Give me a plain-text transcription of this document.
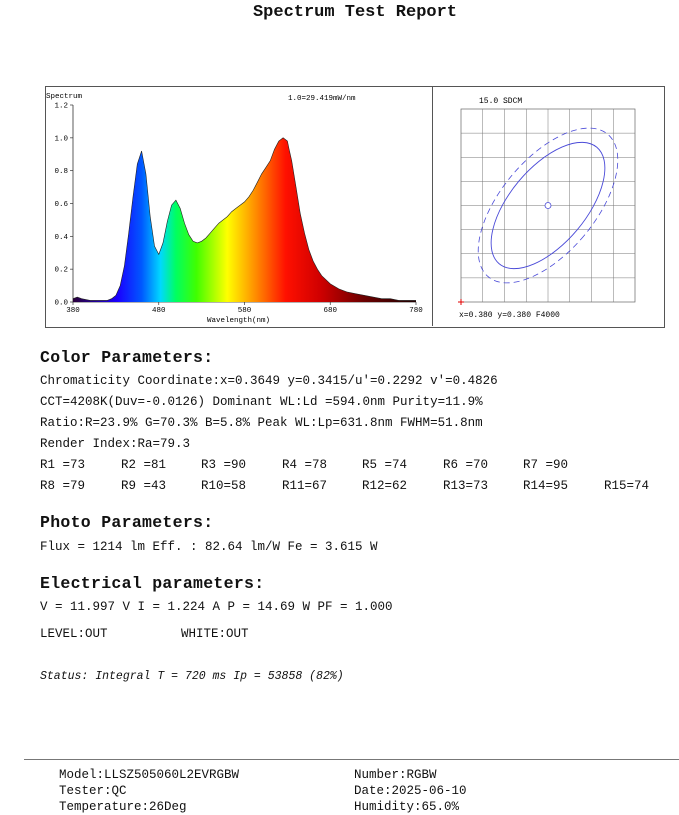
Spectrum Test Report
1.2
1.0
0.8
0.6
0.4
0.2
0.0
380	480	580	680	780
Spectrum	1.0=29.419mW/nm
Wavelength(nm)
15.0 SDCM
x=0.380 y=0.380 F4000
Color Parameters:
Chromaticity Coordinate:x=0.3649 y=0.3415/u'=0.2292 v'=0.4826
CCT=4208K(Duv=-0.0126) Dominant WL:Ld =594.0nm Purity=11.9%
Ratio:R=23.9% G=70.3% B=5.8% Peak WL:Lp=631.8nm FWHM=51.8nm
Render Index:Ra=79.3
R1 =73	R2 =81	R3 =90	R4 =78	R5 =74	R6 =70	R7 =90
R8 =79	R9 =43	R10=58	R11=67	R12=62	R13=73	R14=95	R15=74
Photo Parameters:
Flux = 1214 lm Eff. : 82.64 lm/W Fe = 3.615 W
Electrical parameters:
V = 11.997 V I = 1.224 A P = 14.69 W PF = 1.000
LEVEL:OUT	WHITE:OUT
Status: Integral T = 720 ms Ip = 53858 (82%)
Model:LLSZ505060L2EVRGBW
Tester:QC
Temperature:26Deg
Number:RGBW
Date:2025-06-10
Humidity:65.0%
